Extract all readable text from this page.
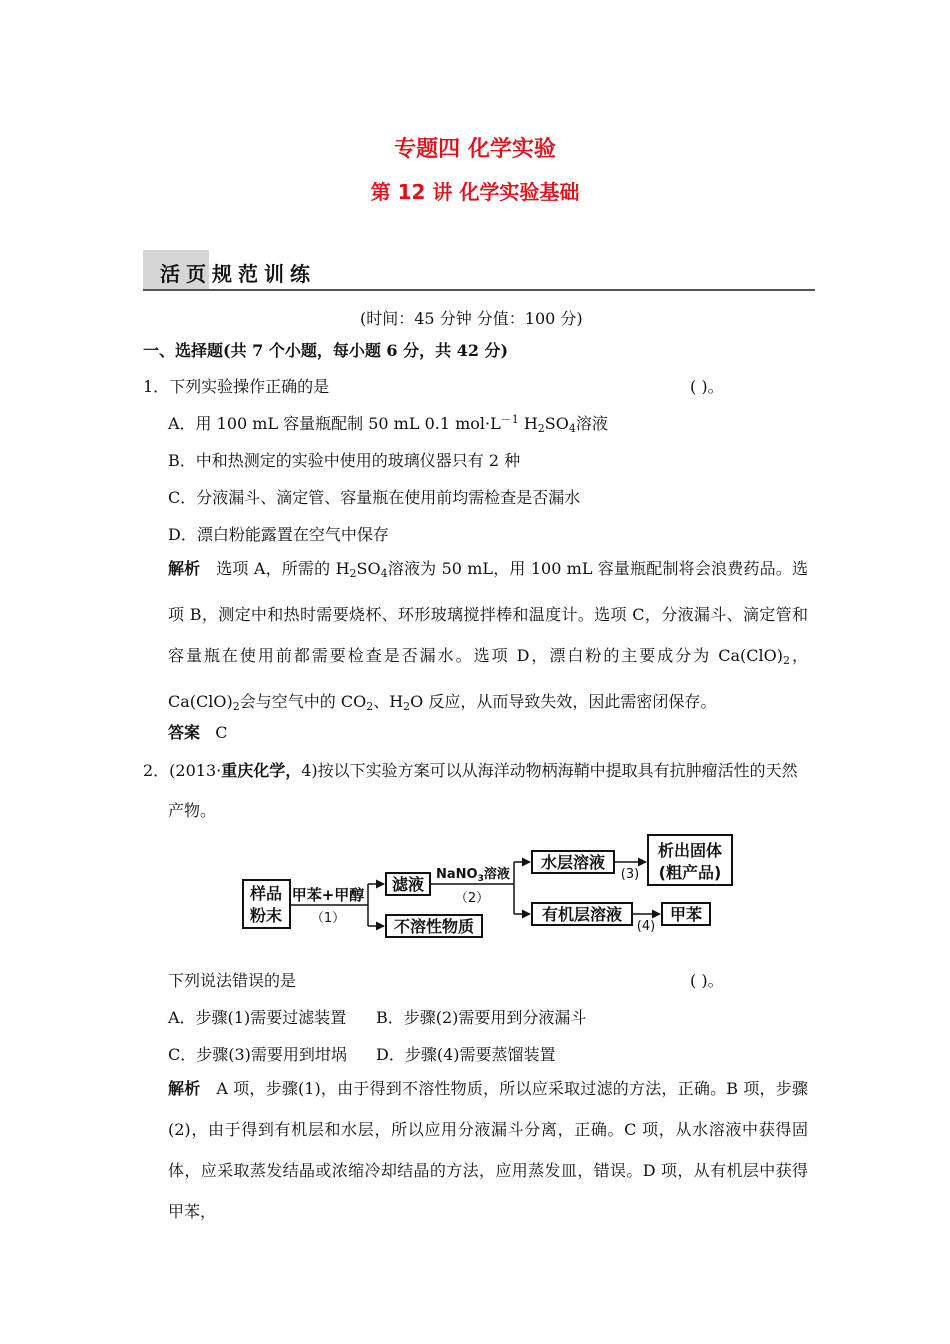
专题四 化学实验
第 12 讲 化学实验基础
活页规范训练
(时间：45 分钟 分值：100 分)
一、选择题(共 7 个小题，每小题 6 分，共 42 分)
1．下列实验操作正确的是	( )。
A．用 100 mL 容量瓶配制 50 mL 0.1 $mol\cdot L^{-1}$ $H_2SO_4$溶液
B．中和热测定的实验中使用的玻璃仪器只有 2 种
C．分液漏斗、滴定管、容量瓶在使用前均需检查是否漏水
D．漂白粉能露置在空气中保存
解析 选项 A，所需的 $H_2SO_4$溶液为 50 mL，用 100 mL 容量瓶配制将会浪费药品。选项 B，测定中和热时需要烧杯、环形玻璃搅拌棒和温度计。选项 C，分液漏斗、滴定管和容量瓶在使用前都需要检查是否漏水。选项 D，漂白粉的主要成分为 $Ca(ClO)_2$，$Ca(ClO)_2$会与空气中的 $CO_2$、$H_2O$ 反应，从而导致失效，因此需密闭保存。
答案 C
2．(2013·重庆化学，4)按以下实验方案可以从海洋动物柄海鞘中提取具有抗肿瘤活性的天然
产物。
样品
粉末
甲苯+甲醇
（1）
滤液
不溶性物质
NaNO$_3$溶液
（2）
水层溶液
(3)
析出固体
(粗产品)
有机层溶液
(4)
甲苯
下列说法错误的是	( )。
A．步骤(1)需要过滤装置 B．步骤(2)需要用到分液漏斗
C．步骤(3)需要用到坩埚 D．步骤(4)需要蒸馏装置
解析 A 项，步骤(1)，由于得到不溶性物质，所以应采取过滤的方法，正确。B 项，步骤(2)，由于得到有机层和水层，所以应用分液漏斗分离，正确。C 项，从水溶液中获得固体，应采取蒸发结晶或浓缩冷却结晶的方法，应用蒸发皿，错误。D 项，从有机层中获得甲苯，
